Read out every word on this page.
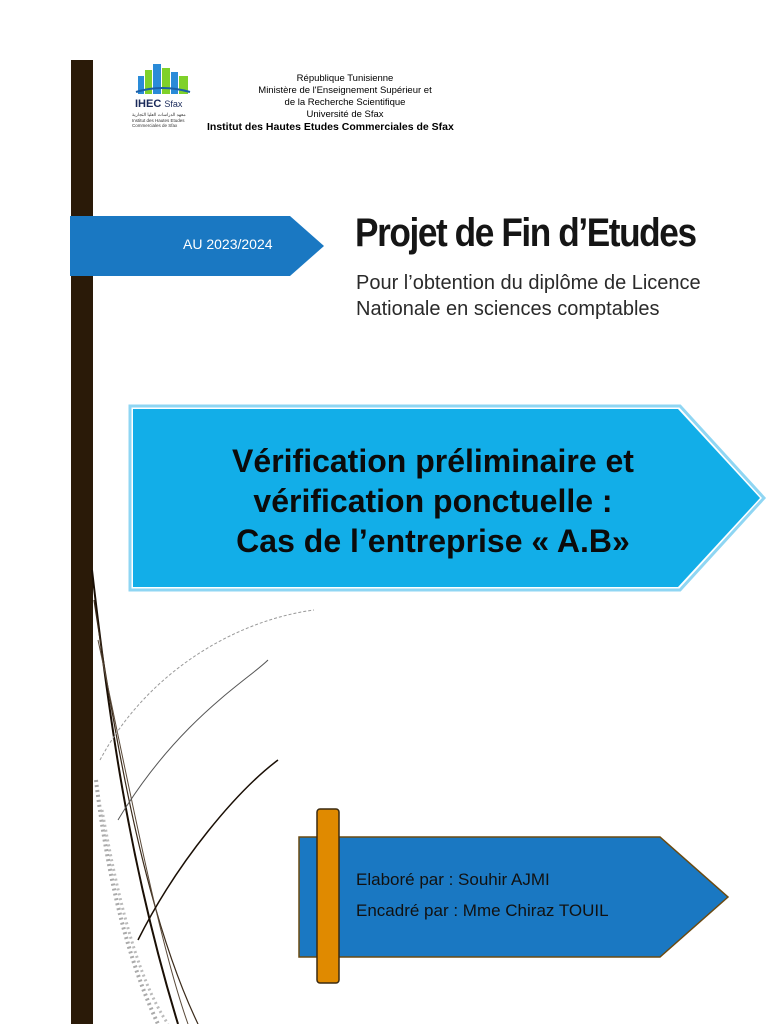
IHEC Sfax
معهد الدراسات العليا التجارية
Institut des Hautes Etudes
Commerciales de Sfax
République Tunisienne
Ministère de l'Enseignement Supérieur et
de la Recherche Scientifique
Université de Sfax
Institut des Hautes Etudes Commerciales de Sfax
AU 2023/2024 Projet de Fin d’Etudes
Pour l’obtention du diplôme de Licence
Nationale en sciences comptables
Vérification préliminaire et
vérification ponctuelle :
Cas de l’entreprise « A.B»
Elaboré par : Souhir AJMI
Encadré par : Mme Chiraz TOUIL
